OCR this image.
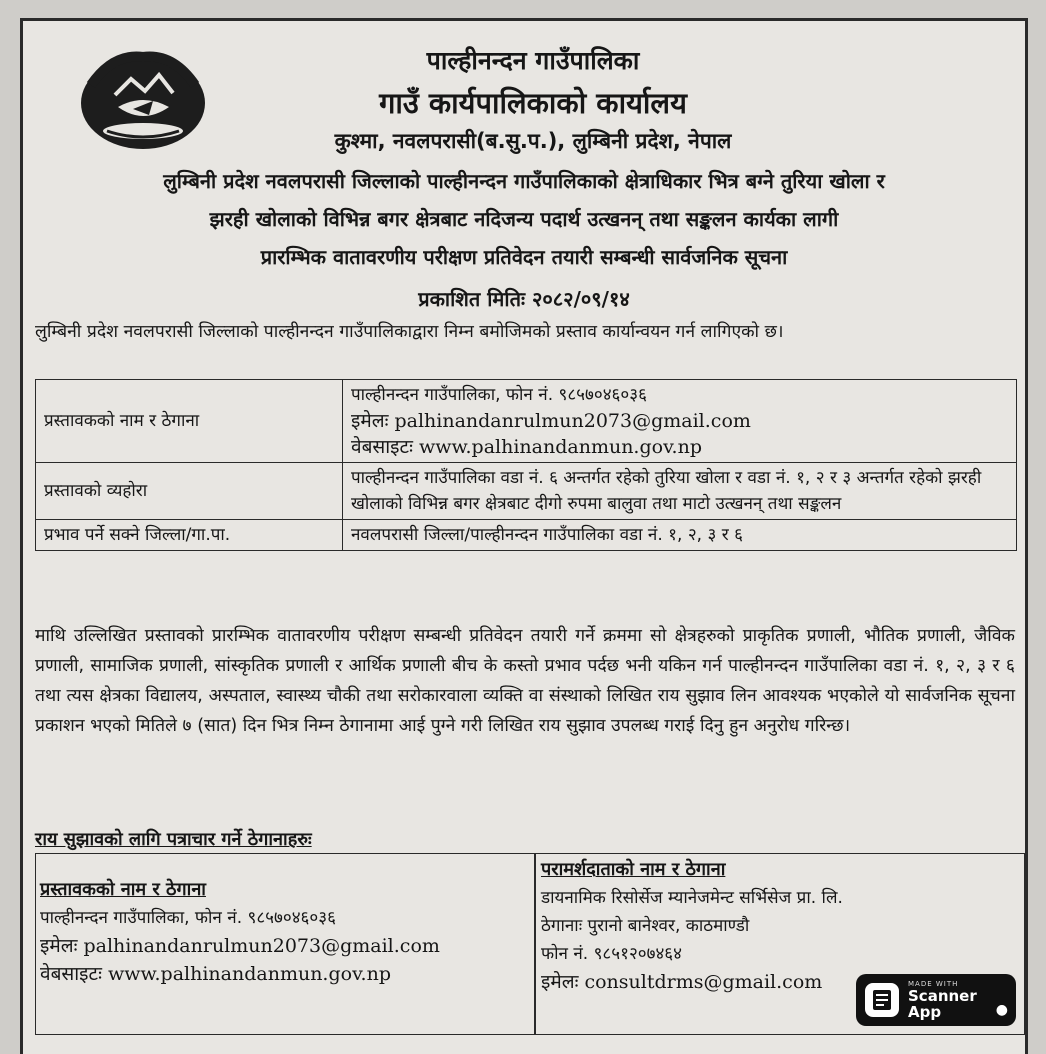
पाल्हीनन्दन गाउँपालिका
गाउँ कार्यपालिकाको कार्यालय
कुश्मा, नवलपरासी(ब.सु.प.), लुम्बिनी प्रदेश, नेपाल
लुम्बिनी प्रदेश नवलपरासी जिल्लाको पाल्हीनन्दन गाउँपालिकाको क्षेत्राधिकार भित्र बग्ने तुरिया खोला र
झरही खोलाको विभिन्न बगर क्षेत्रबाट नदिजन्य पदार्थ उत्खनन् तथा सङ्कलन कार्यका लागी
प्रारम्भिक वातावरणीय परीक्षण प्रतिवेदन तयारी सम्बन्धी सार्वजनिक सूचना
प्रकाशित मितिः २०८२/०९/१४
लुम्बिनी प्रदेश नवलपरासी जिल्लाको पाल्हीनन्दन गाउँपालिकाद्वारा निम्न बमोजिमको प्रस्ताव कार्यान्वयन गर्न लागिएको छ।
प्रस्तावकको नाम र ठेगाना	पाल्हीनन्दन गाउँपालिका, फोन नं. ९८५७०४६०३६
इमेलः palhinandanrulmun2073@gmail.com
वेबसाइटः www.palhinandanmun.gov.np

प्रस्तावको व्यहोरा	पाल्हीनन्दन गाउँपालिका वडा नं. ६ अन्तर्गत रहेको तुरिया खोला र वडा नं. १, २ र ३ अन्तर्गत रहेको झरही खोलाको विभिन्न बगर क्षेत्रबाट दीगो रुपमा बालुवा तथा माटो उत्खनन् तथा सङ्कलन
प्रभाव पर्ने सक्ने जिल्ला/गा.पा.	नवलपरासी जिल्ला/पाल्हीनन्दन गाउँपालिका वडा नं. १, २, ३ र ६
माथि उल्लिखित प्रस्तावको प्रारम्भिक वातावरणीय परीक्षण सम्बन्धी प्रतिवेदन तयारी गर्ने क्रममा सो क्षेत्रहरुको प्राकृतिक प्रणाली, भौतिक प्रणाली, जैविक प्रणाली, सामाजिक प्रणाली, सांस्कृतिक प्रणाली र आर्थिक प्रणाली बीच के कस्तो प्रभाव पर्दछ भनी यकिन गर्न पाल्हीनन्दन गाउँपालिका वडा नं. १, २, ३ र ६ तथा त्यस क्षेत्रका विद्यालय, अस्पताल, स्वास्थ्य चौकी तथा सरोकारवाला व्यक्ति वा संस्थाको लिखित राय सुझाव लिन आवश्यक भएकोले यो सार्वजनिक सूचना प्रकाशन भएको मितिले ७ (सात) दिन भित्र निम्न ठेगानामा आई पुग्ने गरी लिखित राय सुझाव उपलब्ध गराई दिनु हुन अनुरोध गरिन्छ।
राय सुझावको लागि पत्राचार गर्ने ठेगानाहरुः
प्रस्तावकको नाम र ठेगाना
पाल्हीनन्दन गाउँपालिका, फोन नं. ९८५७०४६०३६
इमेलः palhinandanrulmun2073@gmail.com
वेबसाइटः www.palhinandanmun.gov.np
परामर्शदाताको नाम र ठेगाना
डायनामिक रिसोर्सेज म्यानेजमेन्ट सर्भिसेज प्रा. लि.
ठेगानाः पुरानो बानेश्वर, काठमाण्डौ
फोन नं. ९८५१२०७४६४
इमेलः consultdrms@gmail.com	MADE WITH
Scanner
App	●
